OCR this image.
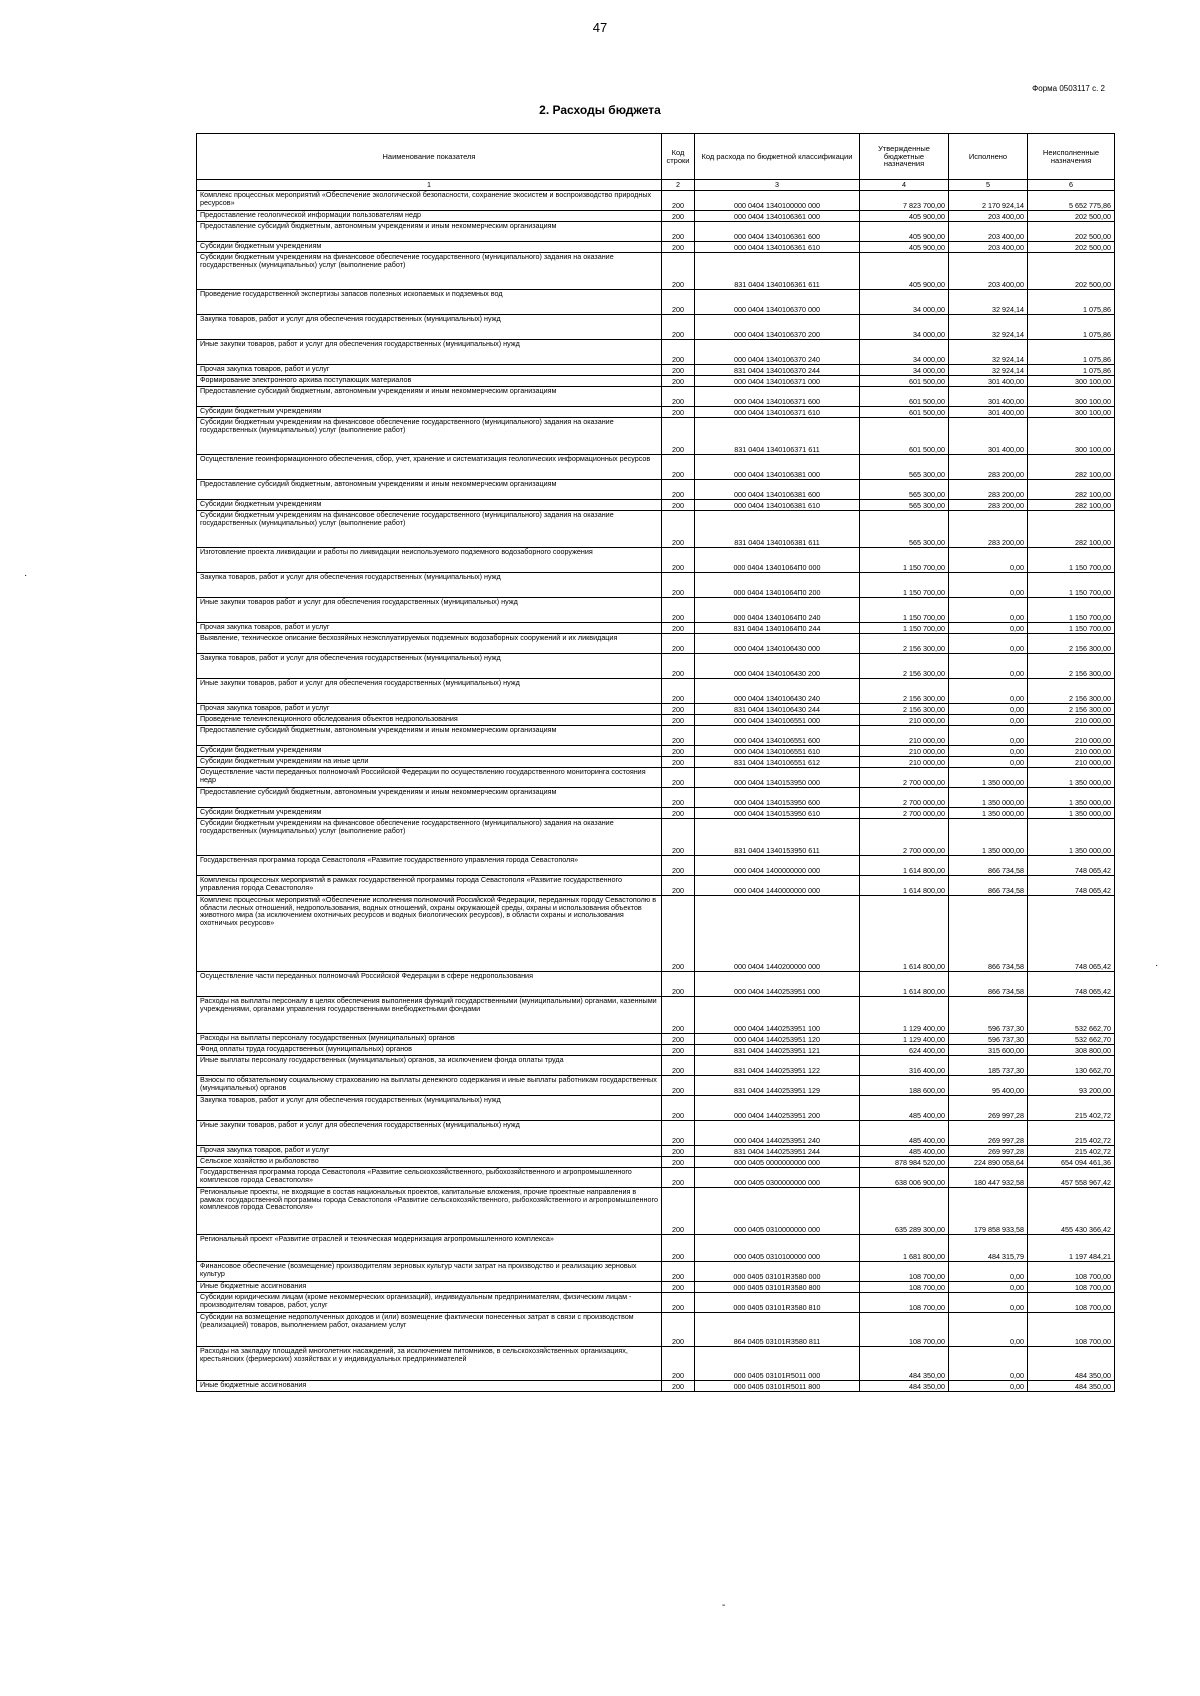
47
Форма 0503117 с. 2
2. Расходы бюджета
Наименование показателя	Код строки	Код расхода по бюджетной классификации	Утвержденные бюджетные назначения	Исполнено	Неисполненные назначения
1	2	3	4	5	6
Комплекс процессных мероприятий «Обеспечение экологической безопасности, сохранение экосистем и воспроизводство природных ресурсов»	200	000 0404 1340100000 000	7 823 700,00	2 170 924,14	5 652 775,86
Предоставление геологической информации пользователям недр	200	000 0404 1340106361 000	405 900,00	203 400,00	202 500,00
Предоставление субсидий бюджетным, автономным учреждениям и иным некоммерческим организациям	200	000 0404 1340106361 600	405 900,00	203 400,00	202 500,00
Субсидии бюджетным учреждениям	200	000 0404 1340106361 610	405 900,00	203 400,00	202 500,00
Субсидии бюджетным учреждениям на финансовое обеспечение государственного (муниципального) задания на оказание государственных (муниципальных) услуг (выполнение работ)	200	831 0404 1340106361 611	405 900,00	203 400,00	202 500,00
Проведение государственной экспертизы запасов полезных ископаемых и подземных вод	200	000 0404 1340106370 000	34 000,00	32 924,14	1 075,86
Закупка товаров, работ и услуг для обеспечения государственных (муниципальных) нужд	200	000 0404 1340106370 200	34 000,00	32 924,14	1 075,86
Иные закупки товаров, работ и услуг для обеспечения государственных (муниципальных) нужд	200	000 0404 1340106370 240	34 000,00	32 924,14	1 075,86
Прочая закупка товаров, работ и услуг	200	831 0404 1340106370 244	34 000,00	32 924,14	1 075,86
Формирование электронного архива поступающих материалов	200	000 0404 1340106371 000	601 500,00	301 400,00	300 100,00
Предоставление субсидий бюджетным, автономным учреждениям и иным некоммерческим организациям	200	000 0404 1340106371 600	601 500,00	301 400,00	300 100,00
Субсидии бюджетным учреждениям	200	000 0404 1340106371 610	601 500,00	301 400,00	300 100,00
Субсидии бюджетным учреждениям на финансовое обеспечение государственного (муниципального) задания на оказание государственных (муниципальных) услуг (выполнение работ)	200	831 0404 1340106371 611	601 500,00	301 400,00	300 100,00
Осуществление геоинформационного обеспечения, сбор, учет, хранение и систематизация геологических информационных ресурсов	200	000 0404 1340106381 000	565 300,00	283 200,00	282 100,00
Предоставление субсидий бюджетным, автономным учреждениям и иным некоммерческим организациям	200	000 0404 1340106381 600	565 300,00	283 200,00	282 100,00
Субсидии бюджетным учреждениям	200	000 0404 1340106381 610	565 300,00	283 200,00	282 100,00
Субсидии бюджетным учреждениям на финансовое обеспечение государственного (муниципального) задания на оказание государственных (муниципальных) услуг (выполнение работ)	200	831 0404 1340106381 611	565 300,00	283 200,00	282 100,00
Изготовление проекта ликвидации и работы по ликвидации неиспользуемого подземного водозаборного сооружения	200	000 0404 13401064П0 000	1 150 700,00	0,00	1 150 700,00
Закупка товаров, работ и услуг для обеспечения государственных (муниципальных) нужд	200	000 0404 13401064П0 200	1 150 700,00	0,00	1 150 700,00
Иные закупки товаров работ и услуг для обеспечения государственных (муниципальных) нужд	200	000 0404 13401064П0 240	1 150 700,00	0,00	1 150 700,00
Прочая закупка товаров, работ и услуг	200	831 0404 13401064П0 244	1 150 700,00	0,00	1 150 700,00
Выявление, техническое описание бесхозяйных неэксплуатируемых подземных водозаборных сооружений и их ликвидация	200	000 0404 1340106430 000	2 156 300,00	0,00	2 156 300,00
Закупка товаров, работ и услуг для обеспечения государственных (муниципальных) нужд	200	000 0404 1340106430 200	2 156 300,00	0,00	2 156 300,00
Иные закупки товаров, работ и услуг для обеспечения государственных (муниципальных) нужд	200	000 0404 1340106430 240	2 156 300,00	0,00	2 156 300,00
Прочая закупка товаров, работ и услуг	200	831 0404 1340106430 244	2 156 300,00	0,00	2 156 300,00
Проведение телеинспекционного обследования объектов недропользования	200	000 0404 1340106551 000	210 000,00	0,00	210 000,00
Предоставление субсидий бюджетным, автономным учреждениям и иным некоммерческим организациям	200	000 0404 1340106551 600	210 000,00	0,00	210 000,00
Субсидии бюджетным учреждениям	200	000 0404 1340106551 610	210 000,00	0,00	210 000,00
Субсидии бюджетным учреждениям на иные цели	200	831 0404 1340106551 612	210 000,00	0,00	210 000,00
Осуществление части переданных полномочий Российской Федерации по осуществлению государственного мониторинга состояния недр	200	000 0404 1340153950 000	2 700 000,00	1 350 000,00	1 350 000,00
Предоставление субсидий бюджетным, автономным учреждениям и иным некоммерческим организациям	200	000 0404 1340153950 600	2 700 000,00	1 350 000,00	1 350 000,00
Субсидии бюджетным учреждениям	200	000 0404 1340153950 610	2 700 000,00	1 350 000,00	1 350 000,00
Субсидии бюджетным учреждениям на финансовое обеспечение государственного (муниципального) задания на оказание государственных (муниципальных) услуг (выполнение работ)	200	831 0404 1340153950 611	2 700 000,00	1 350 000,00	1 350 000,00
Государственная программа города Севастополя «Развитие государственного управления города Севастополя»	200	000 0404 1400000000 000	1 614 800,00	866 734,58	748 065,42
Комплексы процессных мероприятий в рамках государственной программы города Севастополя «Развитие государственного управления города Севастополя»	200	000 0404 1440000000 000	1 614 800,00	866 734,58	748 065,42
Комплекс процессных мероприятий «Обеспечение исполнения полномочий Российской Федерации, переданных городу Севастополю в области лесных отношений, недропользования, водных отношений, охраны окружающей среды, охраны и использования объектов животного мира (за исключением охотничьих ресурсов и водных биологических ресурсов), в области охраны и использования охотничьих ресурсов»	200	000 0404 1440200000 000	1 614 800,00	866 734,58	748 065,42
Осуществление части переданных полномочий Российской Федерации в сфере недропользования	200	000 0404 1440253951 000	1 614 800,00	866 734,58	748 065,42
Расходы на выплаты персоналу в целях обеспечения выполнения функций государственными (муниципальными) органами, казенными учреждениями, органами управления государственными внебюджетными фондами	200	000 0404 1440253951 100	1 129 400,00	596 737,30	532 662,70
Расходы на выплаты персоналу государственных (муниципальных) органов	200	000 0404 1440253951 120	1 129 400,00	596 737,30	532 662,70
Фонд оплаты труда государственных (муниципальных) органов	200	831 0404 1440253951 121	624 400,00	315 600,00	308 800,00
Иные выплаты персоналу государственных (муниципальных) органов, за исключением фонда оплаты труда	200	831 0404 1440253951 122	316 400,00	185 737,30	130 662,70
Взносы по обязательному социальному страхованию на выплаты денежного содержания и иные выплаты работникам государственных (муниципальных) органов	200	831 0404 1440253951 129	188 600,00	95 400,00	93 200,00
Закупка товаров, работ и услуг для обеспечения государственных (муниципальных) нужд	200	000 0404 1440253951 200	485 400,00	269 997,28	215 402,72
Иные закупки товаров, работ и услуг для обеспечения государственных (муниципальных) нужд	200	000 0404 1440253951 240	485 400,00	269 997,28	215 402,72
Прочая закупка товаров, работ и услуг	200	831 0404 1440253951 244	485 400,00	269 997,28	215 402,72
Сельское хозяйство и рыболовство	200	000 0405 0000000000 000	878 984 520,00	224 890 058,64	654 094 461,36
Государственная программа города Севастополя «Развитие сельскохозяйственного, рыбохозяйственного и агропромышленного комплексов города Севастополя»	200	000 0405 0300000000 000	638 006 900,00	180 447 932,58	457 558 967,42
Региональные проекты, не входящие в состав национальных проектов, капитальные вложения, прочие проектные направления в рамках государственной программы города Севастополя «Развитие сельскохозяйственного, рыбохозяйственного и агропромышленного комплексов города Севастополя»	200	000 0405 0310000000 000	635 289 300,00	179 858 933,58	455 430 366,42
Региональный проект «Развитие отраслей и техническая модернизация агропромышленного комплекса»	200	000 0405 0310100000 000	1 681 800,00	484 315,79	1 197 484,21
Финансовое обеспечение (возмещение) производителям зерновых культур части затрат на производство и реализацию зерновых культур	200	000 0405 03101R3580 000	108 700,00	0,00	108 700,00
Иные бюджетные ассигнования	200	000 0405 03101R3580 800	108 700,00	0,00	108 700,00
Субсидии юридическим лицам (кроме некоммерческих организаций), индивидуальным предпринимателям, физическим лицам - производителям товаров, работ, услуг	200	000 0405 03101R3580 810	108 700,00	0,00	108 700,00
Субсидии на возмещение недополученных доходов и (или) возмещение фактически понесенных затрат в связи с производством (реализацией) товаров, выполнением работ, оказанием услуг	200	864 0405 03101R3580 811	108 700,00	0,00	108 700,00
Расходы на закладку площадей многолетних насаждений, за исключением питомников, в сельскохозяйственных организациях, крестьянских (фермерских) хозяйствах и у индивидуальных предпринимателей	200	000 0405 03101R5011 000	484 350,00	0,00	484 350,00
Иные бюджетные ассигнования	200	000 0405 03101R5011 800	484 350,00	0,00	484 350,00
·
·
-
